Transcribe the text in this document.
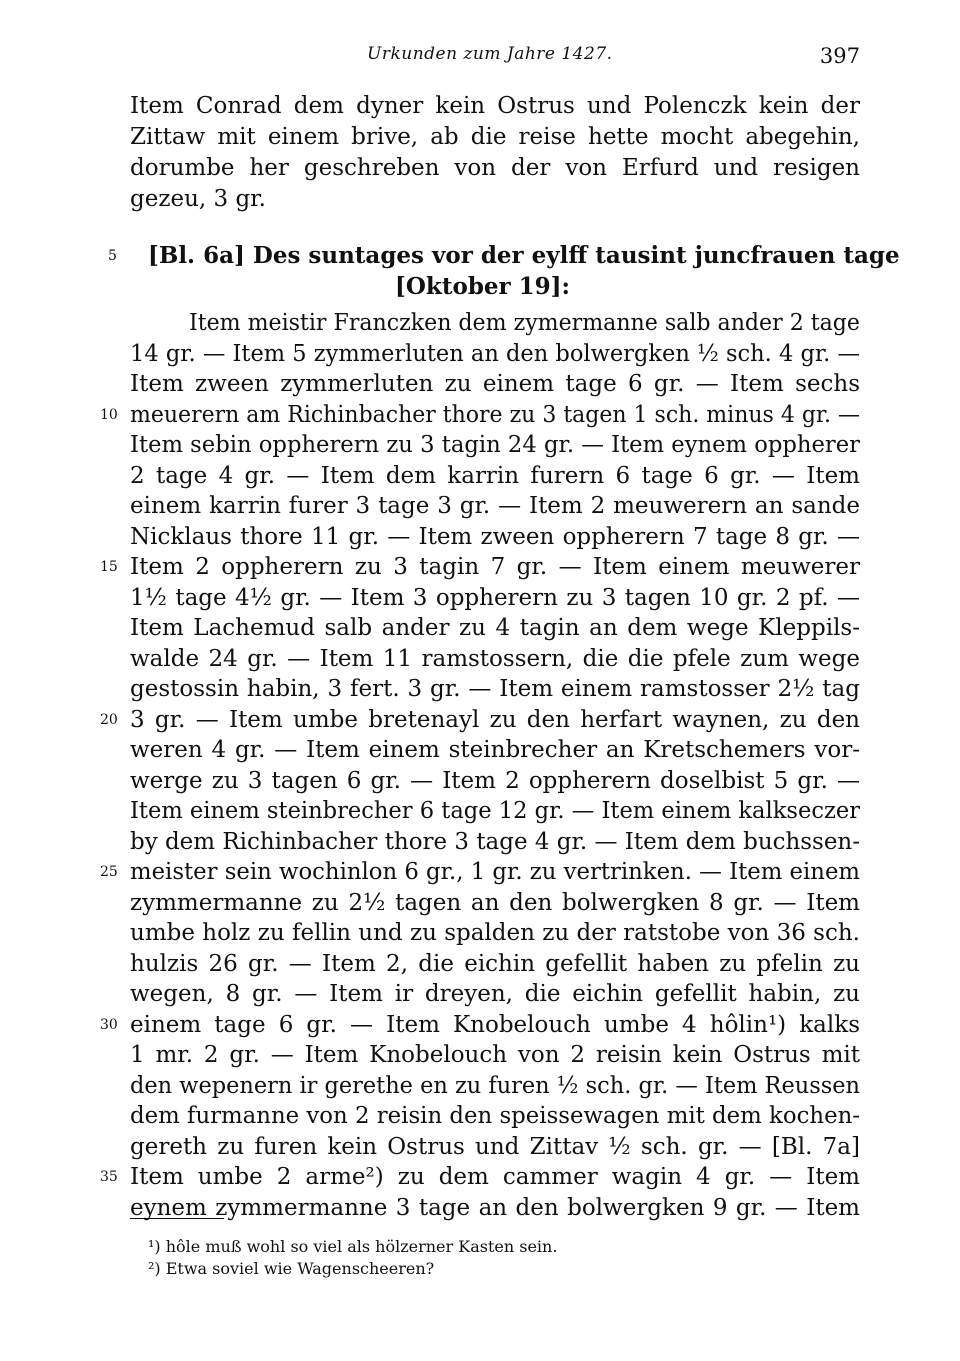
Urkunden zum Jahre 1427.	397
Item Conrad dem dyner kein Ostrus und Polenczk kein der
Zittaw mit einem brive, ab die reise hette mocht abegehin,
dorumbe her geschreben von der von Erfurd und resigen
gezeu, 3 gr.
[Bl. 6a] Des suntages vor der eylff tausint juncfrauen tage
[Oktober 19]:
Item meistir Franczken dem zymermanne salb ander 2 tage
14 gr. — Item 5 zymmerluten an den bolwergken ½ sch. 4 gr. —
Item zween zymmerluten zu einem tage 6 gr. — Item sechs
meuerern am Richinbacher thore zu 3 tagen 1 sch. minus 4 gr. —
Item sebin oppherern zu 3 tagin 24 gr. — Item eynem oppherer
2 tage 4 gr. — Item dem karrin furern 6 tage 6 gr. — Item
einem karrin furer 3 tage 3 gr. — Item 2 meuwerern an sande
Nicklaus thore 11 gr. — Item zween oppherern 7 tage 8 gr. —
Item 2 oppherern zu 3 tagin 7 gr. — Item einem meuwerer
1½ tage 4½ gr. — Item 3 oppherern zu 3 tagen 10 gr. 2 pf. —
Item Lachemud salb ander zu 4 tagin an dem wege Kleppils-
walde 24 gr. — Item 11 ramstossern, die die pfele zum wege
gestossin habin, 3 fert. 3 gr. — Item einem ramstosser 2½ tag
3 gr. — Item umbe bretenayl zu den herfart waynen, zu den
weren 4 gr. — Item einem steinbrecher an Kretschemers vor-
werge zu 3 tagen 6 gr. — Item 2 oppherern doselbist 5 gr. —
Item einem steinbrecher 6 tage 12 gr. — Item einem kalkseczer
by dem Richinbacher thore 3 tage 4 gr. — Item dem buchssen-
meister sein wochinlon 6 gr., 1 gr. zu vertrinken. — Item einem
zymmermanne zu 2½ tagen an den bolwergken 8 gr. — Item
umbe holz zu fellin und zu spalden zu der ratstobe von 36 sch.
hulzis 26 gr. — Item 2, die eichin gefellit haben zu pfelin zu
wegen, 8 gr. — Item ir dreyen, die eichin gefellit habin, zu
einem tage 6 gr. — Item Knobelouch umbe 4 hôlin¹) kalks
1 mr. 2 gr. — Item Knobelouch von 2 reisin kein Ostrus mit
den wepenern ir gerethe en zu furen ½ sch. gr. — Item Reussen
dem furmanne von 2 reisin den speissewagen mit dem kochen-
gereth zu furen kein Ostrus und Zittav ½ sch. gr. — [Bl. 7a]
Item umbe 2 arme²) zu dem cammer wagin 4 gr. — Item
eynem zymmermanne 3 tage an den bolwergken 9 gr. — Item
5
10
15
20
25
30
35
¹) hôle muß wohl so viel als hölzerner Kasten sein.
²) Etwa soviel wie Wagenscheeren?
